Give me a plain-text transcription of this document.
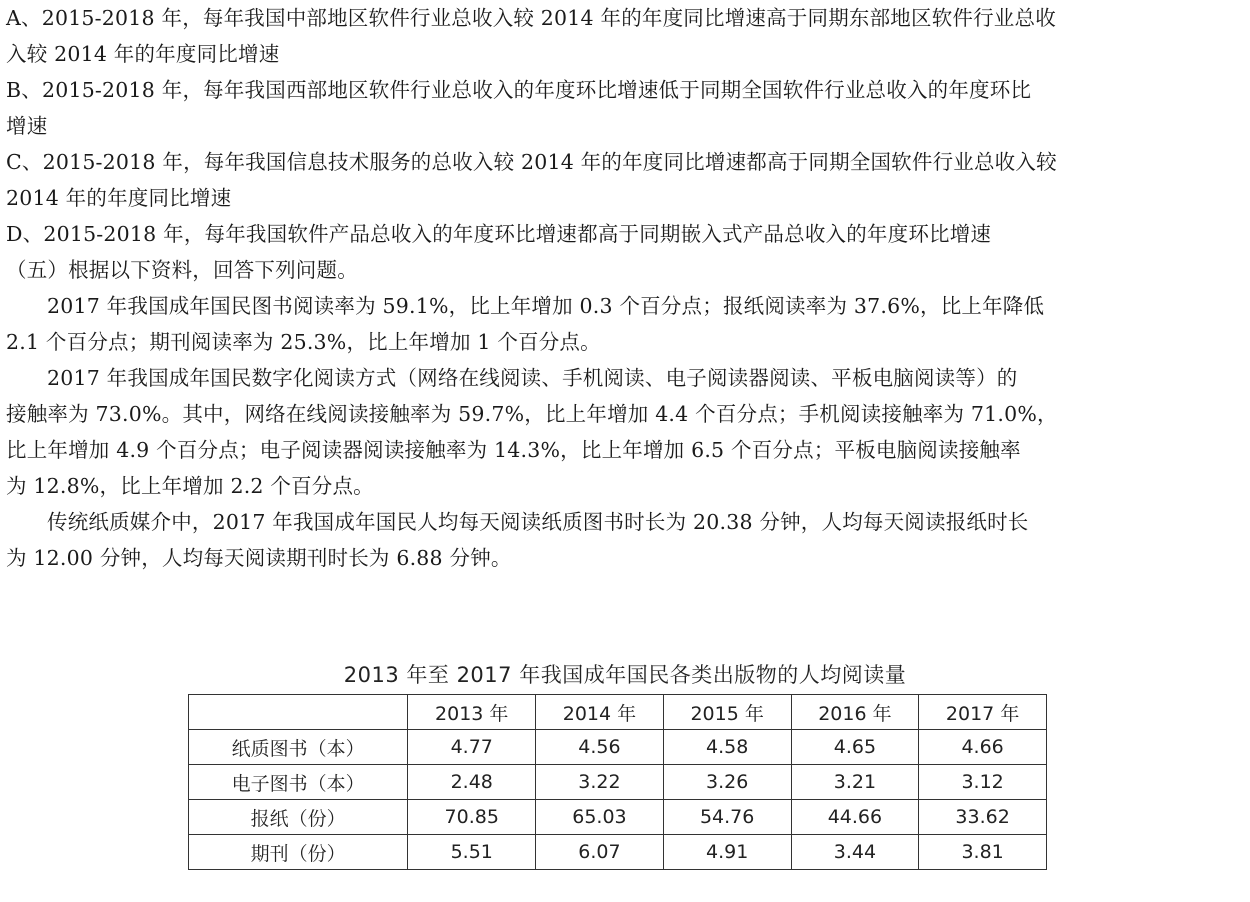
A、2015-2018 年，每年我国中部地区软件行业总收入较 2014 年的年度同比增速高于同期东部地区软件行业总收
入较 2014 年的年度同比增速
B、2015-2018 年，每年我国西部地区软件行业总收入的年度环比增速低于同期全国软件行业总收入的年度环比
增速
C、2015-2018 年，每年我国信息技术服务的总收入较 2014 年的年度同比增速都高于同期全国软件行业总收入较
2014 年的年度同比增速
D、2015-2018 年，每年我国软件产品总收入的年度环比增速都高于同期嵌入式产品总收入的年度环比增速
（五）根据以下资料，回答下列问题。
2017 年我国成年国民图书阅读率为 59.1%，比上年增加 0.3 个百分点；报纸阅读率为 37.6%，比上年降低
2.1 个百分点；期刊阅读率为 25.3%，比上年增加 1 个百分点。
2017 年我国成年国民数字化阅读方式（网络在线阅读、手机阅读、电子阅读器阅读、平板电脑阅读等）的
接触率为 73.0%。其中，网络在线阅读接触率为 59.7%，比上年增加 4.4 个百分点；手机阅读接触率为 71.0%，
比上年增加 4.9 个百分点；电子阅读器阅读接触率为 14.3%，比上年增加 6.5 个百分点；平板电脑阅读接触率
为 12.8%，比上年增加 2.2 个百分点。
传统纸质媒介中，2017 年我国成年国民人均每天阅读纸质图书时长为 20.38 分钟，人均每天阅读报纸时长
为 12.00 分钟，人均每天阅读期刊时长为 6.88 分钟。
2013 年至 2017 年我国成年国民各类出版物的人均阅读量
	2013 年	2014 年	2015 年	2016 年	2017 年
纸质图书（本）	4.77	4.56	4.58	4.65	4.66
电子图书（本）	2.48	3.22	3.26	3.21	3.12
报纸（份）	70.85	65.03	54.76	44.66	33.62
期刊（份）	5.51	6.07	4.91	3.44	3.81
